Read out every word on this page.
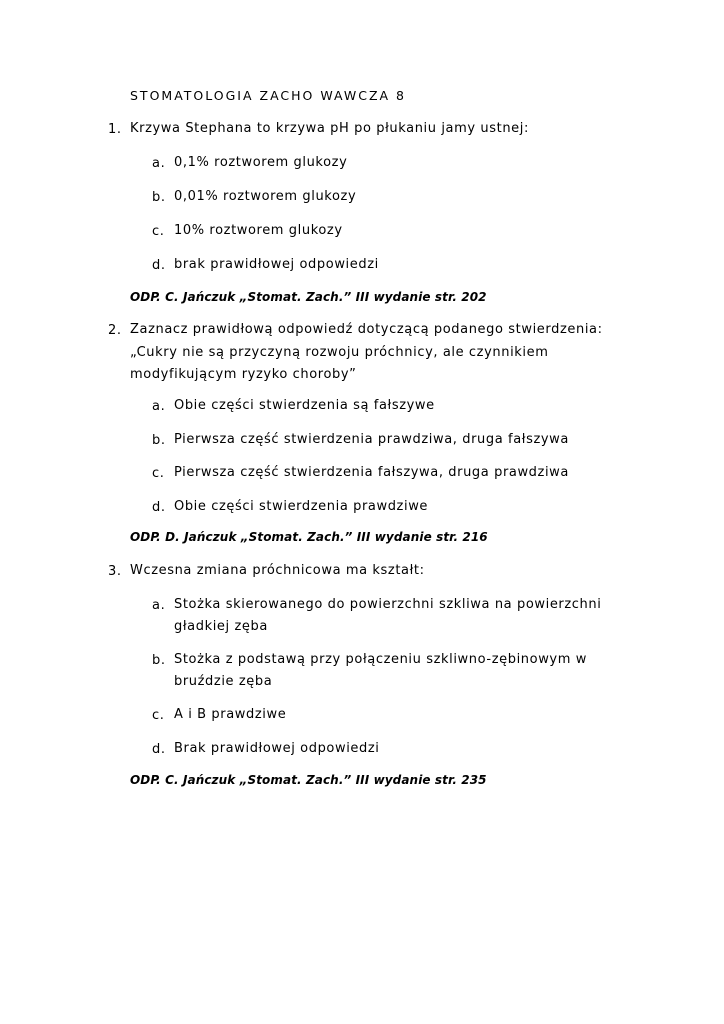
STOMATOLOGIA ZACHO WAWCZA 8
1. Krzywa Stephana to krzywa pH po płukaniu jamy ustnej:
a. 0,1% roztworem glukozy
b. 0,01% roztworem glukozy
c. 10% roztworem glukozy
d. brak prawidłowej odpowiedzi
ODP. C. Jańczuk „Stomat. Zach.” III wydanie str. 202
2. Zaznacz prawidłową odpowiedź dotyczącą podanego stwierdzenia:
„Cukry nie są przyczyną rozwoju próchnicy, ale czynnikiem
modyfikującym ryzyko choroby”
a. Obie części stwierdzenia są fałszywe
b. Pierwsza część stwierdzenia prawdziwa, druga fałszywa
c. Pierwsza część stwierdzenia fałszywa, druga prawdziwa
d. Obie części stwierdzenia prawdziwe
ODP. D. Jańczuk „Stomat. Zach.” III wydanie str. 216
3. Wczesna zmiana próchnicowa ma kształt:
a. Stożka skierowanego do powierzchni szkliwa na powierzchni
gładkiej zęba
b. Stożka z podstawą przy połączeniu szkliwno-zębinowym w
bruździe zęba
c. A i B prawdziwe
d. Brak prawidłowej odpowiedzi
ODP. C. Jańczuk „Stomat. Zach.” III wydanie str. 235
